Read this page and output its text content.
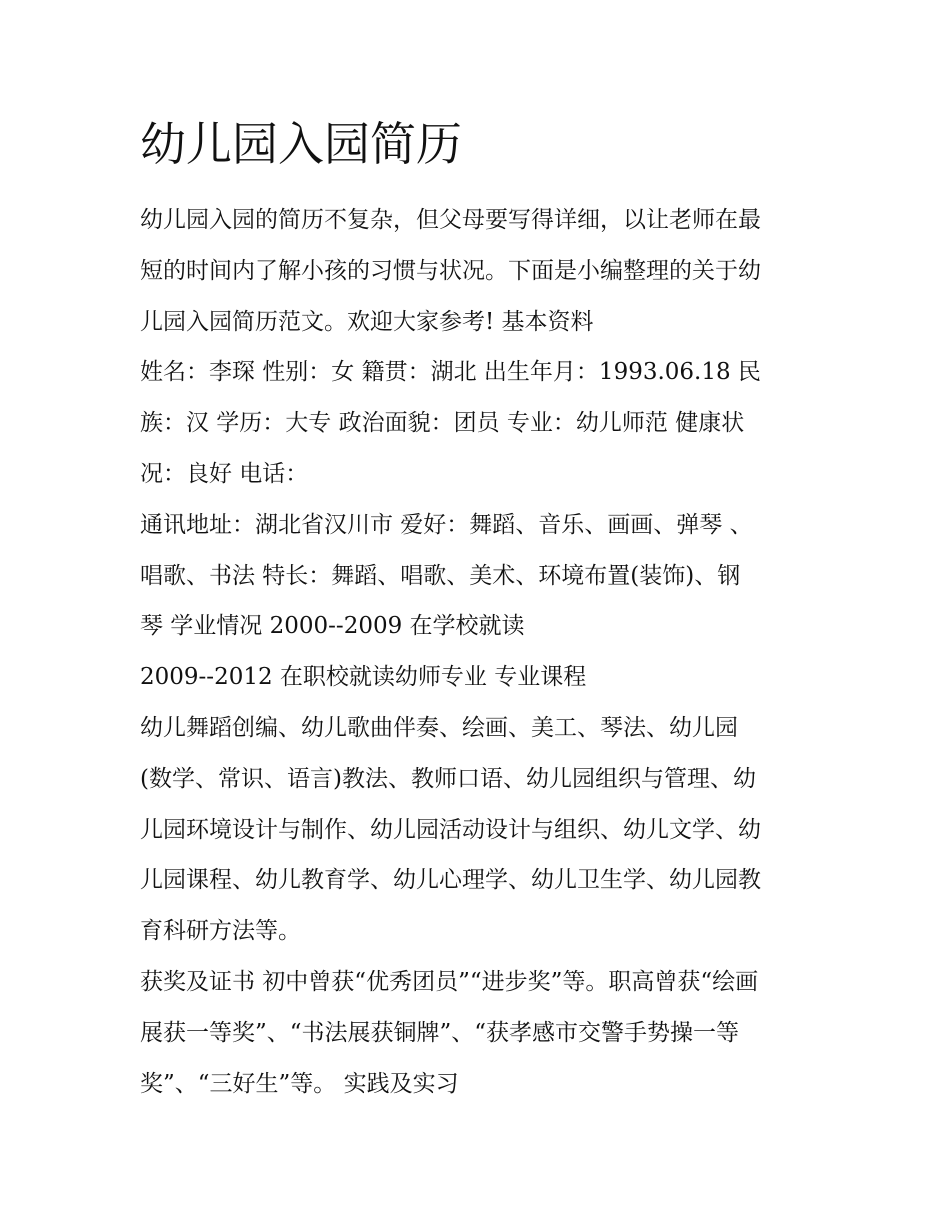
幼儿园入园简历
幼儿园入园的简历不复杂，但父母要写得详细，以让老师在最
短的时间内了解小孩的习惯与状况。下面是小编整理的关于幼
儿园入园简历范文。欢迎大家参考! 基本资料
姓名：李琛 性别：女 籍贯：湖北 出生年月：1993.06.18 民
族：汉 学历：大专 政治面貌：团员 专业：幼儿师范 健康状
况：良好 电话：
通讯地址：湖北省汉川市 爱好：舞蹈、音乐、画画、弹琴 、
唱歌、书法 特长：舞蹈、唱歌、美术、环境布置(装饰)、钢
琴 学业情况 2000--2009 在学校就读
2009--2012 在职校就读幼师专业 专业课程
幼儿舞蹈创编、幼儿歌曲伴奏、绘画、美工、琴法、幼儿园
(数学、常识、语言)教法、教师口语、幼儿园组织与管理、幼
儿园环境设计与制作、幼儿园活动设计与组织、幼儿文学、幼
儿园课程、幼儿教育学、幼儿心理学、幼儿卫生学、幼儿园教
育科研方法等。
获奖及证书 初中曾获“优秀团员”“进步奖”等。职高曾获“绘画
展获一等奖”、“书法展获铜牌”、“获孝感市交警手势操一等
奖”、“三好生”等。 实践及实习
